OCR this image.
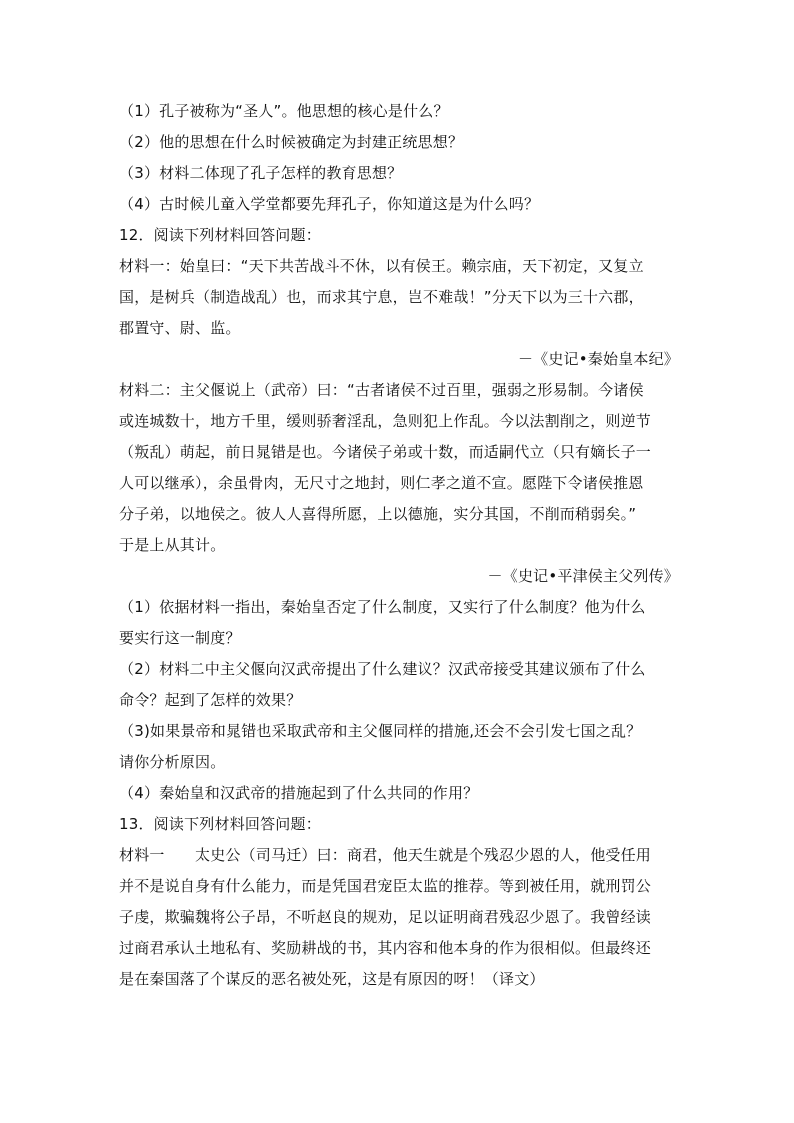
（1）孔子被称为“圣人”。他思想的核心是什么？

（2）他的思想在什么时候被确定为封建正统思想？

（3）材料二体现了孔子怎样的教育思想？

（4）古时候儿童入学堂都要先拜孔子，你知道这是为什么吗？

12．阅读下列材料回答问题：

材料一：始皇曰：“天下共苦战斗不休，以有侯王。赖宗庙，天下初定，又复立

国，是树兵（制造战乱）也，而求其宁息，岂不难哉！”分天下以为三十六郡，

郡置守、尉、监。

－《史记•秦始皇本纪》

材料二：主父偃说上（武帝）曰：“古者诸侯不过百里，强弱之形易制。今诸侯

或连城数十，地方千里，缓则骄奢淫乱，急则犯上作乱。今以法割削之，则逆节

（叛乱）萌起，前日晁错是也。今诸侯子弟或十数，而适嗣代立（只有嫡长子一

人可以继承），余虽骨肉，无尺寸之地封，则仁孝之道不宣。愿陛下令诸侯推恩

分子弟，以地侯之。彼人人喜得所愿，上以德施，实分其国，不削而稍弱矣。”

于是上从其计。

－《史记•平津侯主父列传》

（1）依据材料一指出，秦始皇否定了什么制度，又实行了什么制度？他为什么

要实行这一制度？

（2）材料二中主父偃向汉武帝提出了什么建议？汉武帝接受其建议颁布了什么

命令？起到了怎样的效果？

（3)如果景帝和晁错也采取武帝和主父偃同样的措施,还会不会引发七国之乱？

请你分析原因。

（4）秦始皇和汉武帝的措施起到了什么共同的作用？

13．阅读下列材料回答问题：

材料一　　太史公（司马迁）曰：商君，他天生就是个残忍少恩的人，他受任用

并不是说自身有什么能力，而是凭国君宠臣太监的推荐。等到被任用，就刑罚公

子虔，欺骗魏将公子昂，不听赵良的规劝，足以证明商君残忍少恩了。我曾经读

过商君承认土地私有、奖励耕战的书，其内容和他本身的作为很相似。但最终还

是在秦国落了个谋反的恶名被处死，这是有原因的呀！（译文）
